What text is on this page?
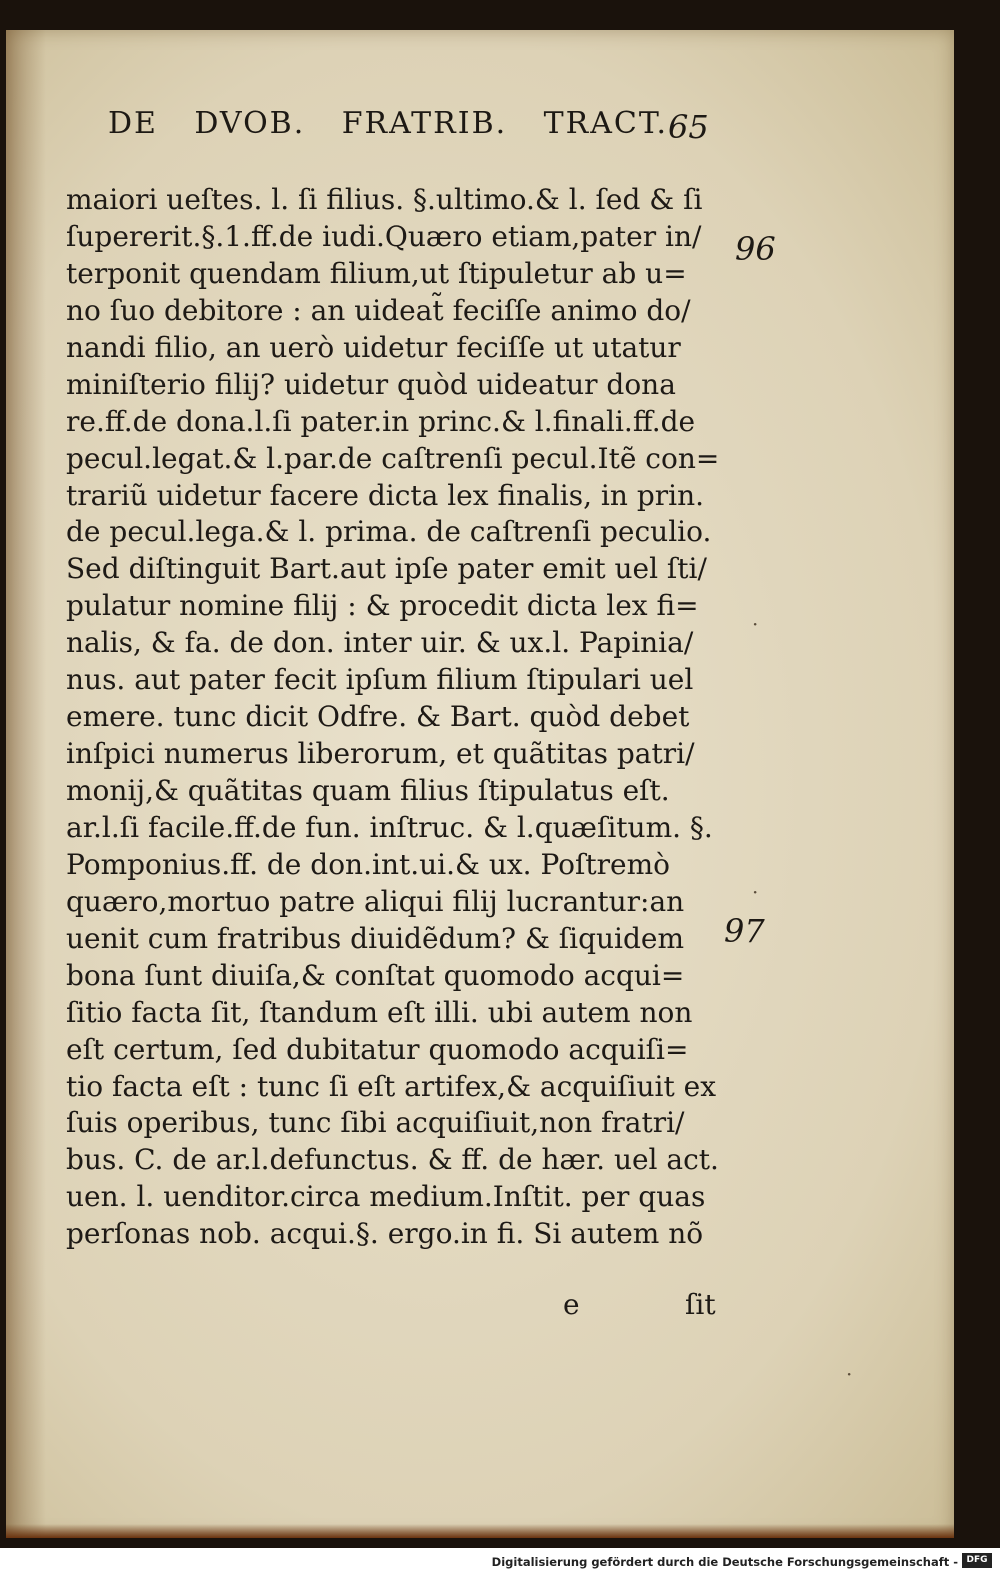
DE DVOB. FRATRIB. TRACT. 65
96
97
maiori ueſtes. l. ſi filius. §.ultimo.& l. ſed & ſi
ſupererit.§.1.ff.de iudi.Quæro etiam,pater in/
terponit quendam filium,ut ſtipuletur ab u=
no ſuo debitore : an uideat̃ feciſſe animo do/
nandi filio, an uerò uidetur feciſſe ut utatur
miniſterio filij? uidetur quòd uideatur dona
re.ff.de dona.l.ſi pater.in princ.& l.finali.ff.de
pecul.legat.& l.par.de caſtrenſi pecul.Itẽ con=
trariũ uidetur facere dicta lex finalis, in prin.
de pecul.lega.& l. prima. de caſtrenſi peculio.
Sed diſtinguit Bart.aut ipſe pater emit uel ſti/
pulatur nomine filij : & procedit dicta lex fi=
nalis, & fa. de don. inter uir. & ux.l. Papinia/
nus. aut pater fecit ipſum filium ſtipulari uel
emere. tunc dicit Odfre. & Bart. quòd debet
inſpici numerus liberorum, et quãtitas patri/
monij,& quãtitas quam filius ſtipulatus eſt.
ar.l.ſi facile.ff.de fun. inſtruc. & l.quæſitum. §.
Pomponius.ff. de don.int.ui.& ux. Poſtremò
quæro,mortuo patre aliqui filij lucrantur:an
uenit cum fratribus diuidẽdum? & ſiquidem
bona ſunt diuiſa,& conſtat quomodo acqui=
ſitio facta ſit, ſtandum eſt illi. ubi autem non
eſt certum, ſed dubitatur quomodo acquiſi=
tio facta eſt : tunc ſi eſt artifex,& acquiſiuit ex
ſuis operibus, tunc ſibi acquiſiuit,non fratri/
bus. C. de ar.l.defunctus. & ff. de hær. uel act.
uen. l. uenditor.circa medium.Inſtit. per quas
perſonas nob. acqui.§. ergo.in fi. Si autem nõ
e	ſit
·
·
·
Digitalisierung gefördert durch die Deutsche Forschungsgemeinschaft - DFG
